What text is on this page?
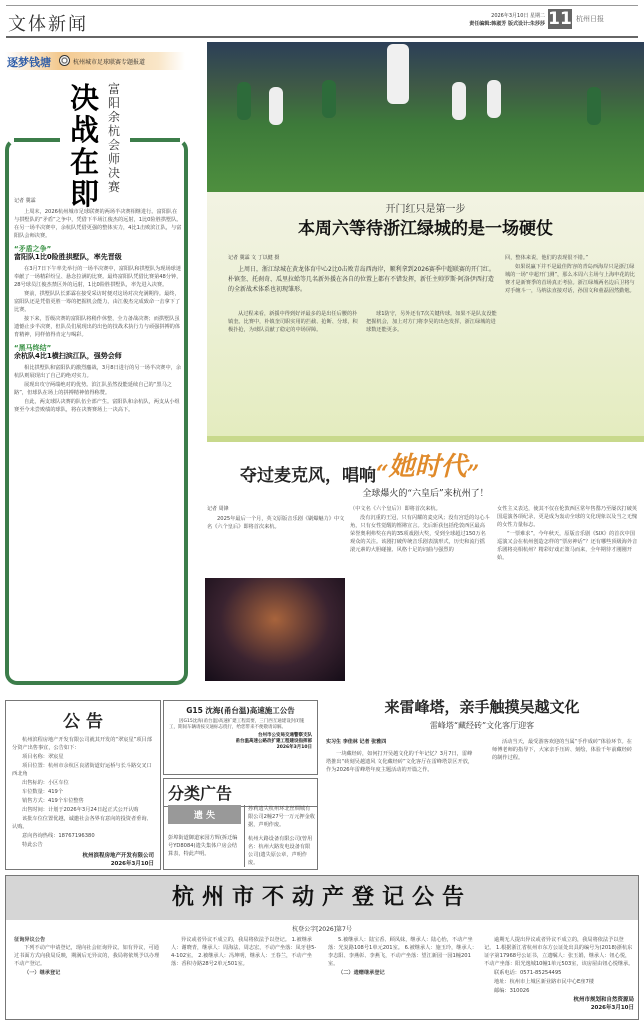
文体新闻	2026年3月10日 星期二
责任编辑:韩淑芳 版式设计:朱莎莎 11 杭州日报
逐梦钱塘	杭州城市足球联赛专题报道
决战在即
富阳余杭会师决赛
记者 冀霖

上周末，2026杭州城市足球联赛的两场半决赛相继进行。富阳队在与拱墅队的“矛盾”之争中，凭借下半场江俊杰的远射，1比0险胜拱墅队。在另一场半决赛中，余杭队凭借更强的整体实力，4比1击败滨江队，与富阳队会师决赛。

“矛盾之争”
富阳队1比0险胜拱墅队，率先晋级

在3月7日下午率先举行的一场半决赛中，富阳队和拱墅队为现场球迷奉献了一场精彩纷呈、悬念拉满的比赛。最终富阳队凭借比赛第48分钟，28号球员江俊杰禁区外的远射，1比0险胜拱墅队，率先进入决赛。

赛前，拱墅队队长郭霖在接受采访时便对这场对决充满期待。最终，富阳队还是凭借更胜一筹的把握机会能力，由江俊杰完成致命一击拿下了比赛。

接下来，晋级决赛的富阳队将稍作休整，全力备战决赛；而拱墅队虽遗憾止步半决赛，但队员们展现出的出色的技战术执行力与顽强拼搏的体育精神，同样值得肯定与喝彩。

“黑马终结”
余杭队4比1横扫滨江队，强势会师

相比拱墅队和富阳队的激烈鏖战，3月8日进行的另一场半决赛中，余杭队则展现出了自己的绝对实力。

展现出攻守两端绝对的优势。滨江队虽然没能延续自己的“黑马之路”，但球队在场上的拼搏精神值得称赞。

自此，两支球队决赛的队伍全部产生。富阳队和余杭队，两支从小组赛至今未尝败绩的球队，将在决赛赛场上一决高下。

开门红只是第一步
本周六等待浙江绿城的是一场硬仗
记者 冀霖 文 丁以健 摄
上周日，浙江绿城在黄龙体育中心2比0击败青岛西海岸，顺利拿到2026赛季中超联赛的开门红。朴镇奎、托刹奇、瓜里拉蛤等几名新外援在各自的位置上都有不错发挥，新任主帅罗斯·阿洛伊西打造的全新战术体系也初现雏形。
从过程来看，新援中得到好评最多的是出任后腰的朴镇奎。比赛中，朴镇奎司职实用的拦截、抢断、分球，积极扑抢，为球队贡献了稳定的中场屏障。
球1防守，另外还有7次关键传球。如果不是队友没能把握机会，加上对方门将李昊的出色发挥，浙江绿城的进球数还能更多。

回，整体来说，他们的表现很不错。”

如果说赢下并不是最佳阵容的青岛西海岸只是浙江绿城的一场“中超开门测”，那么本周六主场与上海申花的比赛才是新赛季的首场真正考验。浙江绿城两名边后卫将与对手缠斗一，马纳法直接对话，孙国文和童磊固然勤勉。

夺过麦克风，唱响“她时代”
全球爆火的“六皇后”来杭州了！
记者 周锋
2025年最后一个月，英文原版音乐剧《刷爆魅力》中文名《六个皇后》即将首次来杭。

（中文名《六个皇后》）即将首次来杭。

没有沉重的王冠，只有闪耀的麦克风；没有宫廷的勾心斗角，只有女性觉醒的铿锵宣言。先后斩获包括伦敦西区最高荣誉奥利弗奖在内的35项戏剧大奖，受到全球超过150万名观众的关注。该剧打破传统音乐剧表演形式，历史和流行摇滚元素的大胆碰撞、风格十足的词曲与强烈的

女性主义表达，使其不仅在伦敦西区常年售罄乃至屡次打破英国巡演各项纪录，更是成为轰动全球的文化现象以及当之无愧的女性力量标志。

“一票难求”。今年秋天，原版音乐剧《SIX》的首次中国巡演又会在杭州创造怎样的“票房神话”？还有哪些顶级海外音乐剧将亮相杭州？精彩好戏正策马而来，全年期待才刚刚开始。

公 告

杭州滨程房地产开发有限公司就其开发的“翠宸星”项目部分资产出售事宜，公告如下：

项目名称：翠宸星

项目位置：杭州市余杭区良渚街道好运桥与长斗路交叉口西北角

出售标的：小区车位

车位数量：419个

销售方式：419个车位整售

出售时间：计划于2026年3月24日起正式公开认购

该批车位位置优越，诚邀社会各界有意向的投资者垂询、认购。

意向咨询热线：18767196380

特此公告

杭州滨程房地产开发有限公司
2026年3月10日
G15 沈海(甬台温)高速施工公告
因G15沈海(甬台温)高速扩建工程需要，三门西互通建设封闭施工，期间车辆请按交通标志绕行，给您带来不便敬请谅解。
台州市公安局交通警察支队
甬台温高速公路改扩建工程建设指挥部
2026年3月10日
分类广告
遗 失
彭埠街道御道家园方辉(拆迁编号YD8084)遗失集体户房会结算表，特此声明。
孙莉遗失杭州环北丝绸城有限公司2幢27号一万元押金收据，声明作废。
杭州大路设备有限公司(曾用名：杭州大路发电设备有限公司)遗失原公章，声明作废。
来雷峰塔，亲手触摸吴越文化
雷峰塔“藏经砖”文化客厅迎客
实习生 李佳林 记者 张雅四
一块藏经砖，如何打开吴越文化的千年记忆？3月7日，雷峰塔推出“砖刻吴越遗风 文化藏经砖”文化客厅在雷峰塔景区开放，作为2026年雷峰塔年度主题活动的开篇之作。
活动当天，最受游客欢迎的当属“手作成砖”体验环节。在师傅老师的指导下，大家亲手压砖、刻绘，体验千年前藏经砖的制作过程。
杭州市不动产登记公告
杭登公字[2026]第7号
征询异议公告

下列不动产申请登记，现向社会征询异议。如有异议，可通过书面方式向我局反映，期满后无异议的，我局将依规予以办理不动产登记。

（一）继承登记

异议或者异议不成立的，我局将依法予以登记。 1.被继承人：谢晓青，继承人：周海法、周志宏，不动产坐落：凤牙巷5-4-102室。 2.被继承人：冯坤明，继承人：王春兰，不动产坐落：香积寺路28号2单元501室。

5.被继承人：陆宝香、顾凤妹，继承人：陆心怡，不动产坐落：光复路108号1单元201室。 6.被继承人：施玉玲，继承人：李志阳、李燕彰、李燕飞，不动产坐落：望江新园一园1幢201室。

（二）遗赠继承登记

逾期无人提出异议或者异议不成立的，我局将依法予以登记。 1.根据浙江省杭州市东方公证处出具的编号为(2018)浙杭东证字第17968号公证书，立遗嘱人：张玉娟，继承人：钮心悦，不动产坐落：阳光逸城10幢1单元503室，该房屋由钮心悦继承。

联系电话：0571-85254495

地址：杭州市上城区新业路市民中心E座7楼

邮编：310026

杭州市规划和自然资源局
2026年3月10日
